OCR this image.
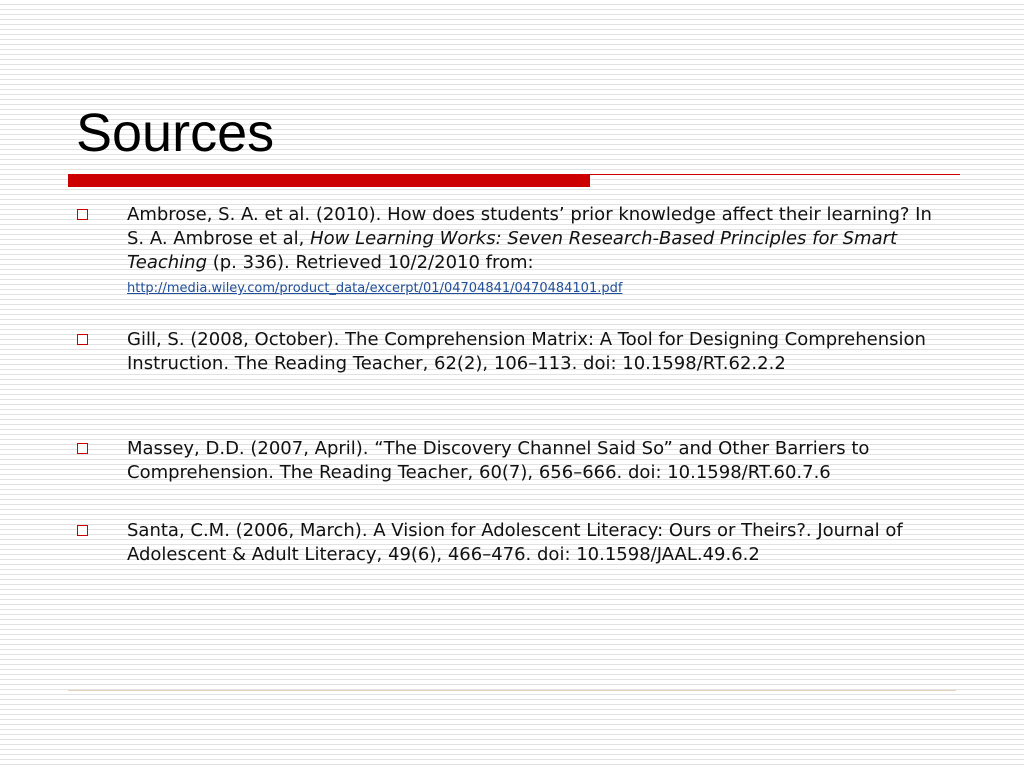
Sources
Ambrose, S. A. et al. (2010). How does students’ prior knowledge affect their learning? In S. A. Ambrose et al, How Learning Works: Seven Research-Based Principles for Smart Teaching (p. 336). Retrieved 10/2/2010 from:
http://media.wiley.com/product_data/excerpt/01/04704841/0470484101.pdf
Gill, S. (2008, October). The Comprehension Matrix: A Tool for Designing Comprehension Instruction. The Reading Teacher, 62(2), 106–113. doi: 10.1598/RT.62.2.2
Massey, D.D. (2007, April). “The Discovery Channel Said So” and Other Barriers to Comprehension. The Reading Teacher, 60(7), 656–666. doi: 10.1598/RT.60.7.6
Santa, C.M. (2006, March). A Vision for Adolescent Literacy: Ours or Theirs?. Journal of Adolescent & Adult Literacy, 49(6), 466–476. doi: 10.1598/JAAL.49.6.2
